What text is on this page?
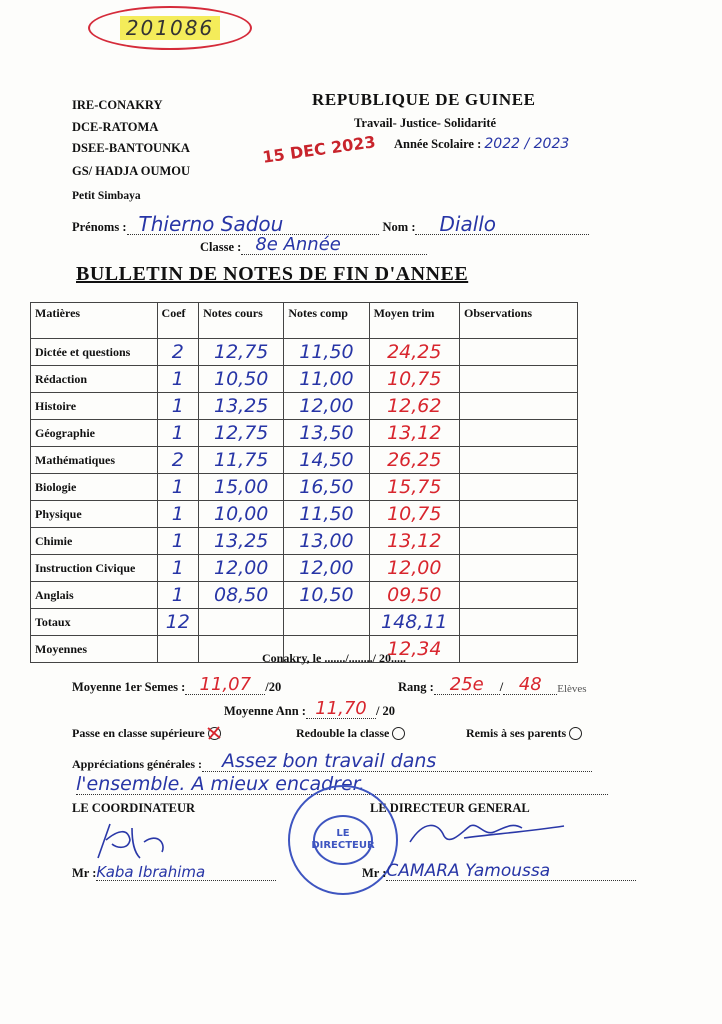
201086
IRE-CONAKRY
DCE-RATOMA
DSEE-BANTOUNKA
GS/ HADJA OUMOU
Petit Simbaya
REPUBLIQUE DE GUINEE
Travail- Justice- Solidarité
Année Scolaire : 2022 / 2023
15 DEC 2023
Prénoms : Thierno Sadou	Nom :	Diallo
Classe : 8e Année
BULLETIN DE NOTES DE FIN D'ANNEE
Matières	Coef	Notes cours	Notes comp	Moyen trim	Observations
Dictée et questions	2	12,75	11,50	24,25	
Rédaction	1	10,50	11,00	10,75	
Histoire	1	13,25	12,00	12,62	
Géographie	1	12,75	13,50	13,12	
Mathématiques	2	11,75	14,50	26,25	
Biologie	1	15,00	16,50	15,75	
Physique	1	10,00	11,50	10,75	
Chimie	1	13,25	13,00	13,12	
Instruction Civique	1	12,00	12,00	12,00	
Anglais	1	08,50	10,50	09,50	
Totaux	12			148,11	
Moyennes				12,34	
Conakry, le ......./......../ 20.....
Moyenne 1er Semes : 11,07	/20	Rang : 25e	/ 48	Elèves
Moyenne Ann : 11,70 / 20
Passe en classe supérieure	Redouble la classe	Remis à ses parents
Appréciations générales :	Assez bon travail dans
l'ensemble. A mieux encadrer.
LE COORDINATEUR	LE DIRECTEUR GENERAL
LE DIRECTEUR
Mr : Kaba Ibrahima	Mr : CAMARA Yamoussa
